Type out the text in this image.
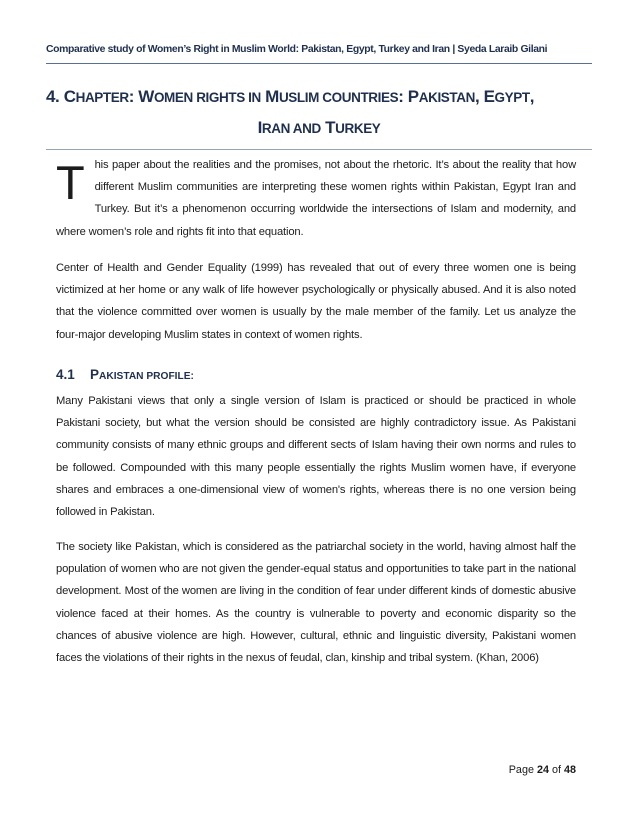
Comparative study of Women’s Right in Muslim World: Pakistan, Egypt, Turkey and Iran | Syeda Laraib Gilani
4. CHAPTER: WOMEN RIGHTS IN MUSLIM COUNTRIES: PAKISTAN, EGYPT,
IRAN AND TURKEY
This paper about the realities and the promises, not about the rhetoric. It’s about the reality that how different Muslim communities are interpreting these women rights within Pakistan, Egypt Iran and Turkey. But it’s a phenomenon occurring worldwide the intersections of Islam and modernity, and where women’s role and rights fit into that equation.
Center of Health and Gender Equality (1999) has revealed that out of every three women one is being victimized at her home or any walk of life however psychologically or physically abused. And it is also noted that the violence committed over women is usually by the male member of the family. Let us analyze the four-major developing Muslim states in context of women rights.
4.1 PAKISTAN PROFILE:
Many Pakistani views that only a single version of Islam is practiced or should be practiced in whole Pakistani society, but what the version should be consisted are highly contradictory issue. As Pakistani community consists of many ethnic groups and different sects of Islam having their own norms and rules to be followed. Compounded with this many people essentially the rights Muslim women have, if everyone shares and embraces a one-dimensional view of women's rights, whereas there is no one version being followed in Pakistan.
The society like Pakistan, which is considered as the patriarchal society in the world, having almost half the population of women who are not given the gender-equal status and opportunities to take part in the national development. Most of the women are living in the condition of fear under different kinds of domestic abusive violence faced at their homes. As the country is vulnerable to poverty and economic disparity so the chances of abusive violence are high. However, cultural, ethnic and linguistic diversity, Pakistani women faces the violations of their rights in the nexus of feudal, clan, kinship and tribal system. (Khan, 2006)
Page 24 of 48
